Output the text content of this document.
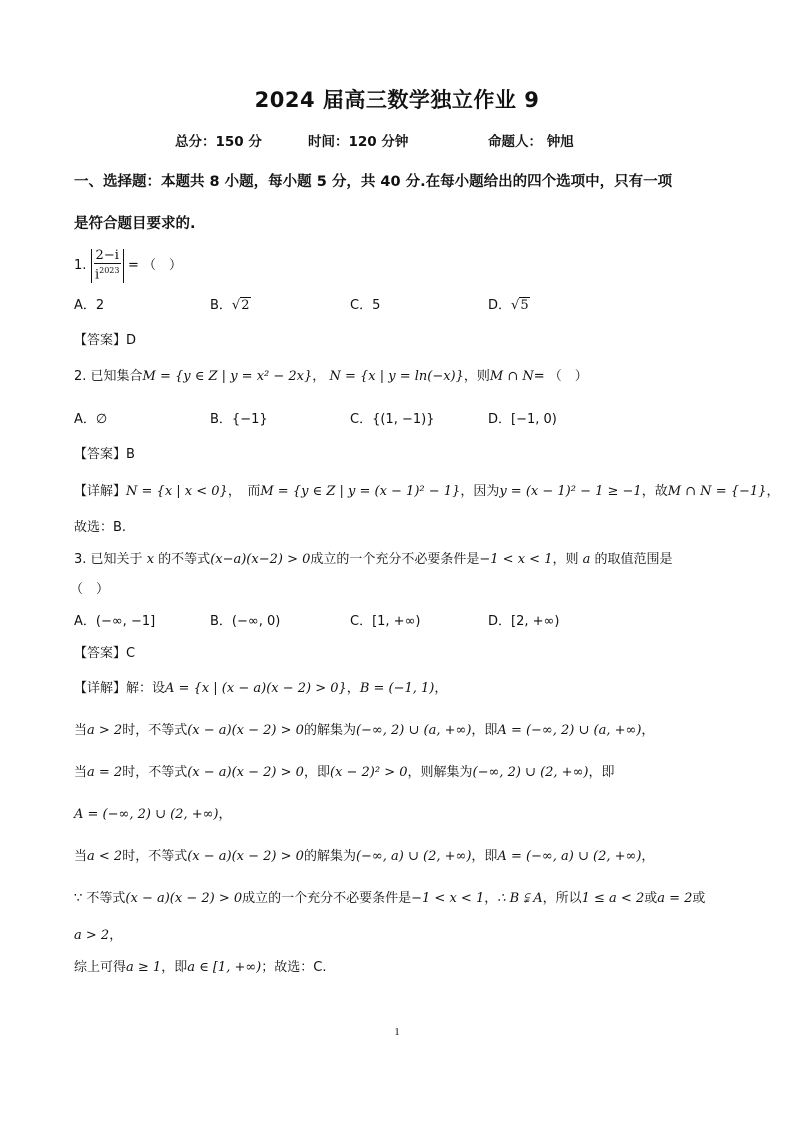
2024 届高三数学独立作业 9
总分：150 分	时间：120 分钟	命题人： 钟旭
一、选择题：本题共 8 小题，每小题 5 分，共 40 分.在每小题给出的四个选项中，只有一项
是符合题目要求的.
1. $\frac{2-i}{i^{2023}}$ = （　）
A．2	B．√2	C．5	D．√5
【答案】D
2. 已知集合M = {y ∈ Z | y = x² − 2x}， N = {x | y = ln(−x)}，则M ∩ N= （　）
A．∅	B．{−1}	C．{(1, −1)}	D．[−1, 0)
【答案】B
【详解】N = {x | x < 0}，　而M = {y ∈ Z | y = (x − 1)² − 1}，因为y = (x − 1)² − 1 ≥ −1，故M ∩ N = {−1}，
故选：B.
3. 已知关于 x 的不等式(x−a)(x−2) > 0成立的一个充分不必要条件是−1 < x < 1，则 a 的取值范围是
（　）
A．(−∞, −1]	B．(−∞, 0)	C．[1, +∞)	D．[2, +∞)
【答案】C
【详解】解：设A = {x | (x − a)(x − 2) > 0}，B = (−1, 1)，
当a > 2时，不等式(x − a)(x − 2) > 0的解集为(−∞, 2) ∪ (a, +∞)，即A = (−∞, 2) ∪ (a, +∞)，
当a = 2时，不等式(x − a)(x − 2) > 0，即(x − 2)² > 0，则解集为(−∞, 2) ∪ (2, +∞)，即
A = (−∞, 2) ∪ (2, +∞)，
当a < 2时，不等式(x − a)(x − 2) > 0的解集为(−∞, a) ∪ (2, +∞)，即A = (−∞, a) ∪ (2, +∞)，
∵ 不等式(x − a)(x − 2) > 0成立的一个充分不必要条件是−1 < x < 1，∴ B ⫋ A，所以1 ≤ a < 2或a = 2或
a > 2，
综上可得a ≥ 1，即a ∈ [1, +∞)；故选：C.
1
